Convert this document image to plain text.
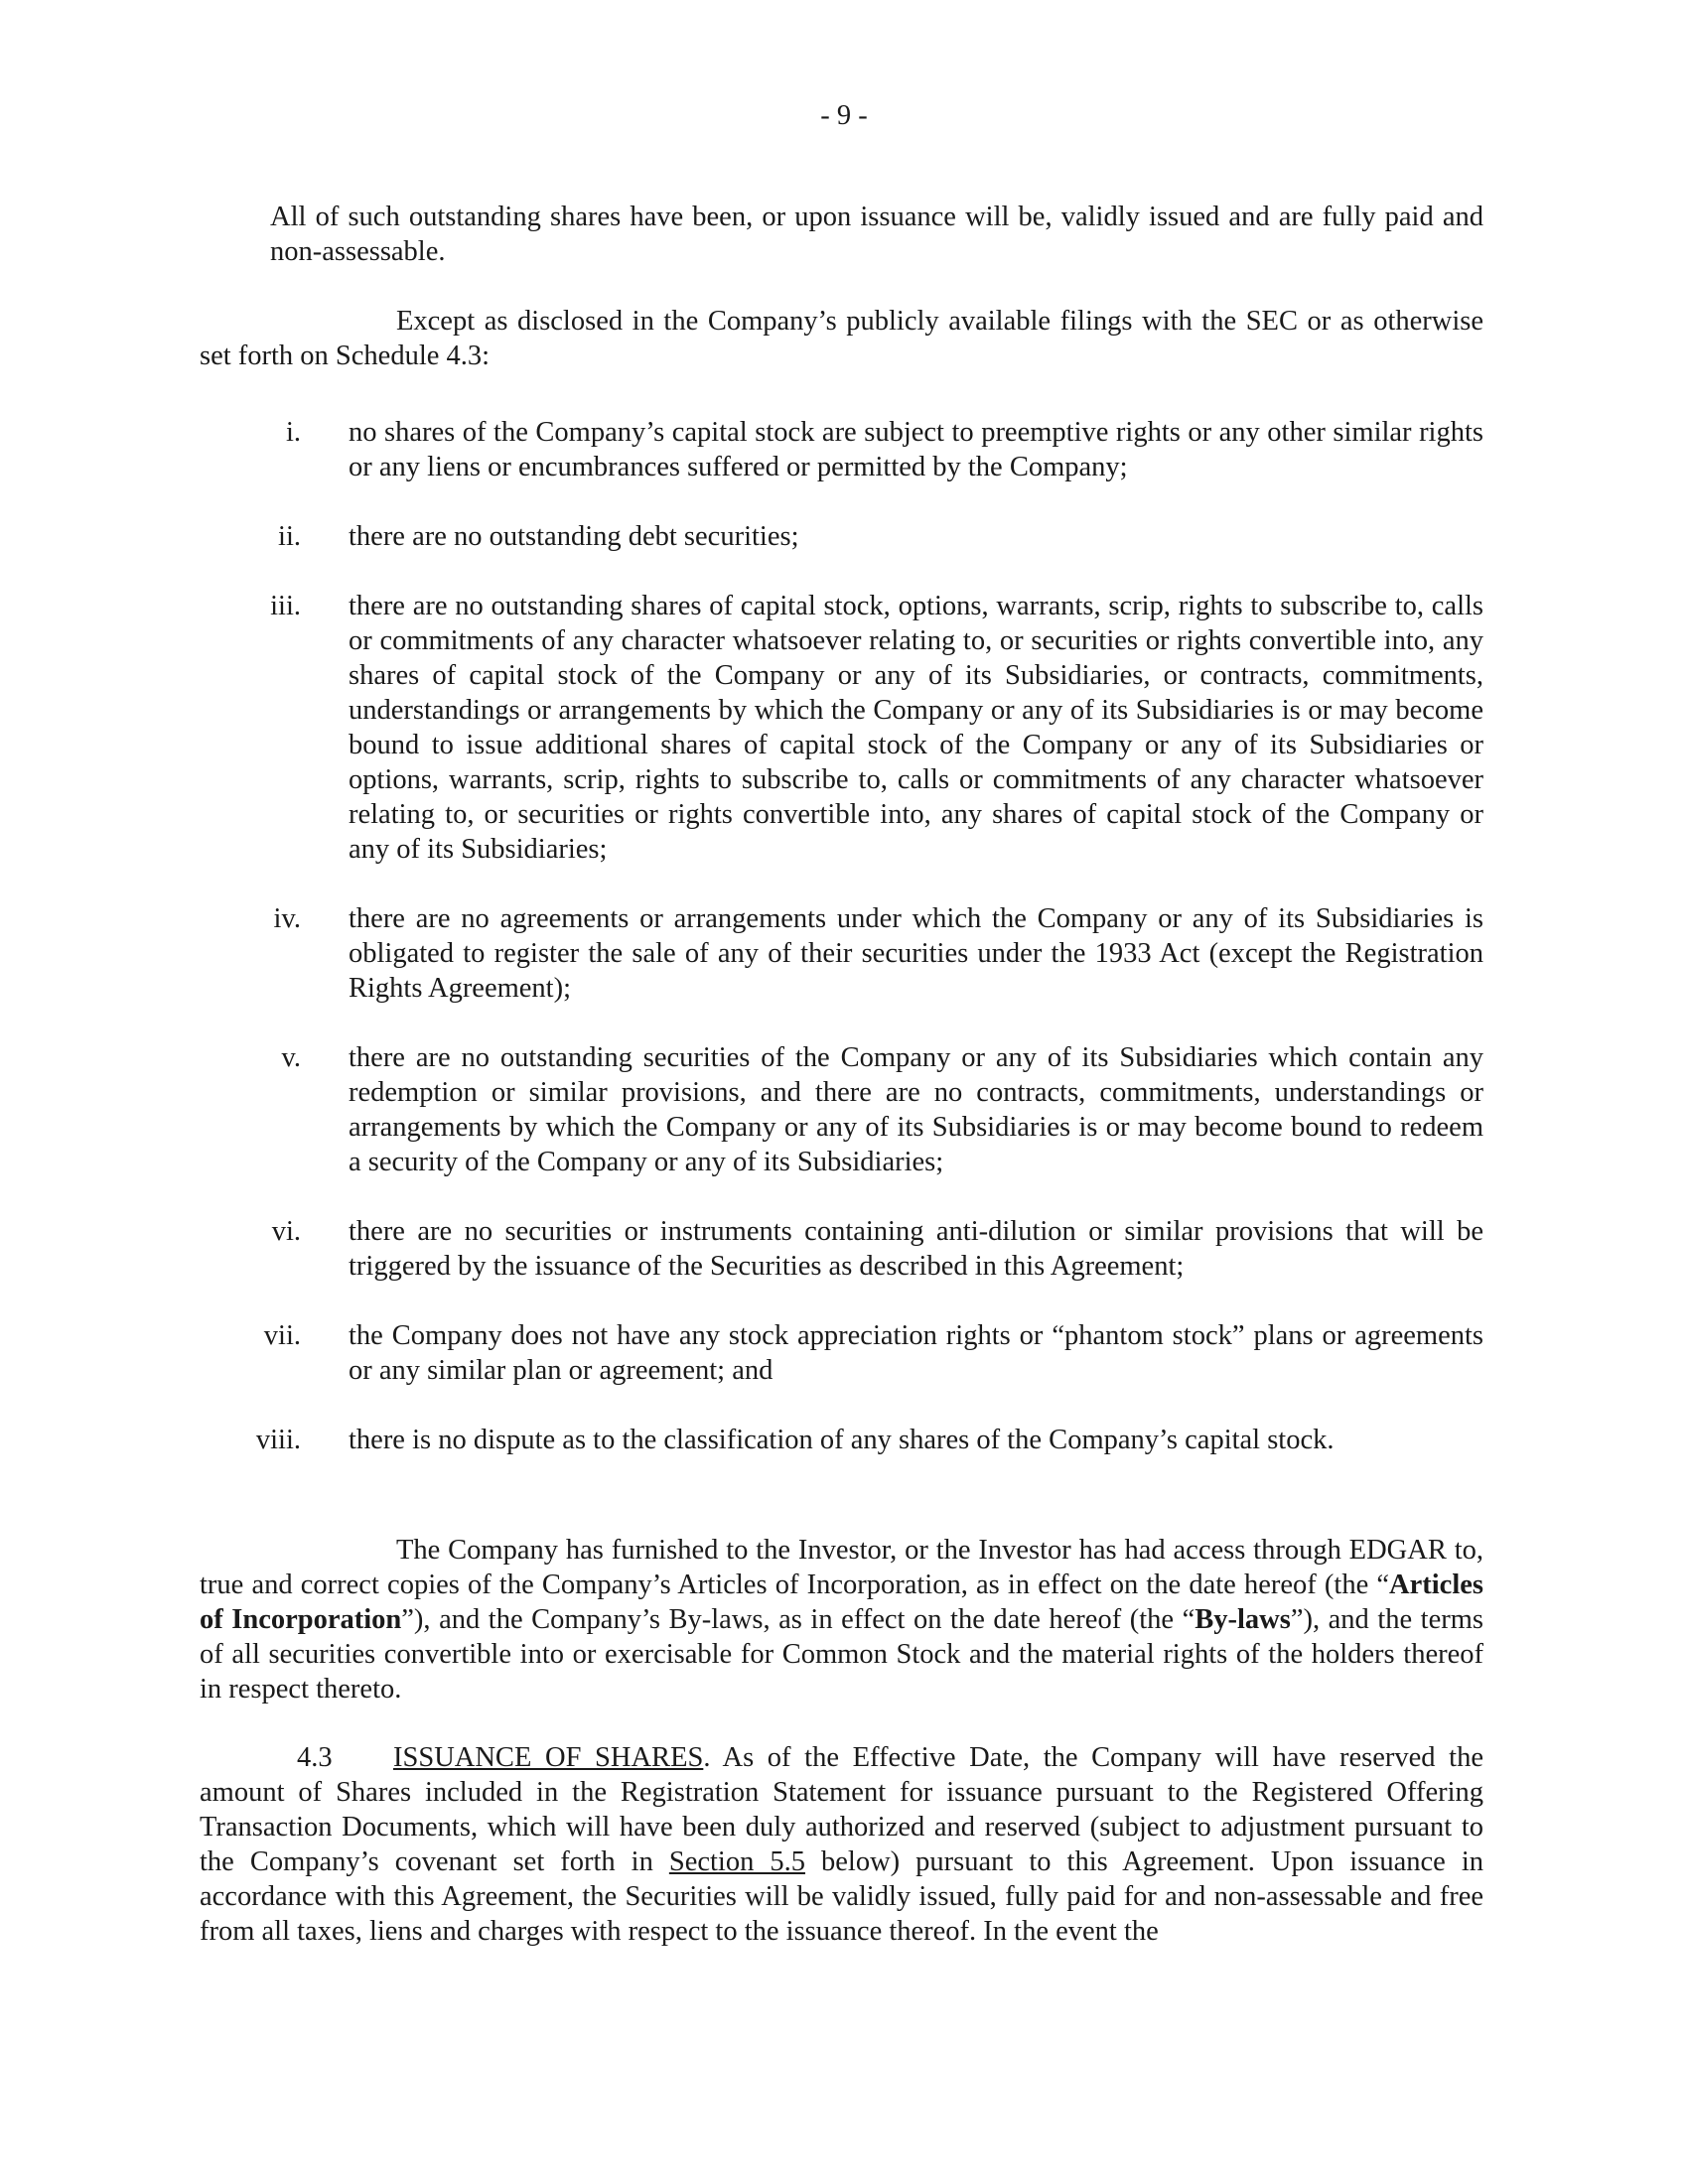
- 9 -

All of such outstanding shares have been, or upon issuance will be, validly issued and are fully paid and non-assessable.

Except as disclosed in the Company’s publicly available filings with the SEC or as otherwise set forth on Schedule 4.3:

i.	no shares of the Company’s capital stock are subject to preemptive rights or any other similar rights or any liens or encumbrances suffered or permitted by the Company;

ii.	there are no outstanding debt securities;

iii.	there are no outstanding shares of capital stock, options, warrants, scrip, rights to subscribe to, calls or commitments of any character whatsoever relating to, or securities or rights convertible into, any shares of capital stock of the Company or any of its Subsidiaries, or contracts, commitments, understandings or arrangements by which the Company or any of its Subsidiaries is or may become bound to issue additional shares of capital stock of the Company or any of its Subsidiaries or options, warrants, scrip, rights to subscribe to, calls or commitments of any character whatsoever relating to, or securities or rights convertible into, any shares of capital stock of the Company or any of its Subsidiaries;

iv.	there are no agreements or arrangements under which the Company or any of its Subsidiaries is obligated to register the sale of any of their securities under the 1933 Act (except the Registration Rights Agreement);

v.	there are no outstanding securities of the Company or any of its Subsidiaries which contain any redemption or similar provisions, and there are no contracts, commitments, understandings or arrangements by which the Company or any of its Subsidiaries is or may become bound to redeem a security of the Company or any of its Subsidiaries;

vi.	there are no securities or instruments containing anti-dilution or similar provisions that will be triggered by the issuance of the Securities as described in this Agreement;

vii.	the Company does not have any stock appreciation rights or “phantom stock” plans or agreements or any similar plan or agreement; and

viii.	there is no dispute as to the classification of any shares of the Company’s capital stock.

The Company has furnished to the Investor, or the Investor has had access through EDGAR to, true and correct copies of the Company’s Articles of Incorporation, as in effect on the date hereof (the “Articles of Incorporation”), and the Company’s By-laws, as in effect on the date hereof (the “By-laws”), and the terms of all securities convertible into or exercisable for Common Stock and the material rights of the holders thereof in respect thereto.

4.3 ISSUANCE OF SHARES. As of the Effective Date, the Company will have reserved the amount of Shares included in the Registration Statement for issuance pursuant to the Registered Offering Transaction Documents, which will have been duly authorized and reserved (subject to adjustment pursuant to the Company’s covenant set forth in Section 5.5 below) pursuant to this Agreement. Upon issuance in accordance with this Agreement, the Securities will be validly issued, fully paid for and non-assessable and free from all taxes, liens and charges with respect to the issuance thereof. In the event the
